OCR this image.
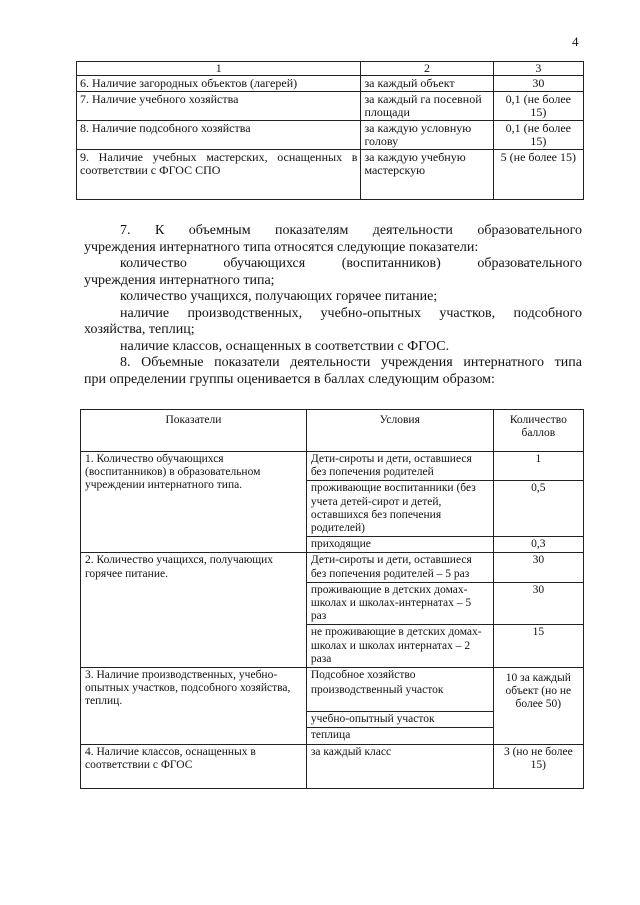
4
1	2	3
6. Наличие загородных объектов (лагерей)	за каждый объект	30
7. Наличие учебного хозяйства	за каждый га посевной площади	0,1 (не более 15)
8. Наличие подсобного хозяйства	за каждую условную голову	0,1 (не более 15)
9. Наличие учебных мастерских, оснащенных в соответствии с ФГОС СПО	за каждую учебную мастерскую	5 (не более 15)

7. К объемным показателям деятельности образовательного

учреждения интернатного типа относятся следующие показатели:

количество обучающихся (воспитанников) образовательного

учреждения интернатного типа;

количество учащихся, получающих горячее питание;

наличие производственных, учебно-опытных участков, подсобного

хозяйства, теплиц;

наличие классов, оснащенных в соответствии с ФГОС.

8. Объемные показатели деятельности учреждения интернатного типа

при определении группы оценивается в баллах следующим образом:

Показатели	Условия	Количество баллов
1. Количество обучающихся (воспитанников) в образовательном учреждении интернатного типа.	Дети-сироты и дети, оставшиеся без попечения родителей	1
	проживающие воспитанники (без учета детей-сирот и детей, оставшихся без попечения родителей)	0,5
	приходящие	0,3
2. Количество учащихся, получающих горячее питание.	Дети-сироты и дети, оставшиеся без попечения родителей – 5 раз	30
	проживающие в детских домах-школах и школах-интернатах – 5 раз	30
	не проживающие в детских домах-школах и школах интернатах – 2 раза	15
3. Наличие производственных, учебно-опытных участков, подсобного хозяйства, теплиц.	Подсобное хозяйство	10 за каждый объект (но не более 50)
	производственный участок	
	учебно-опытный участок	
	теплица	
4. Наличие классов, оснащенных в соответствии с ФГОС	за каждый класс	3 (но не более 15)
